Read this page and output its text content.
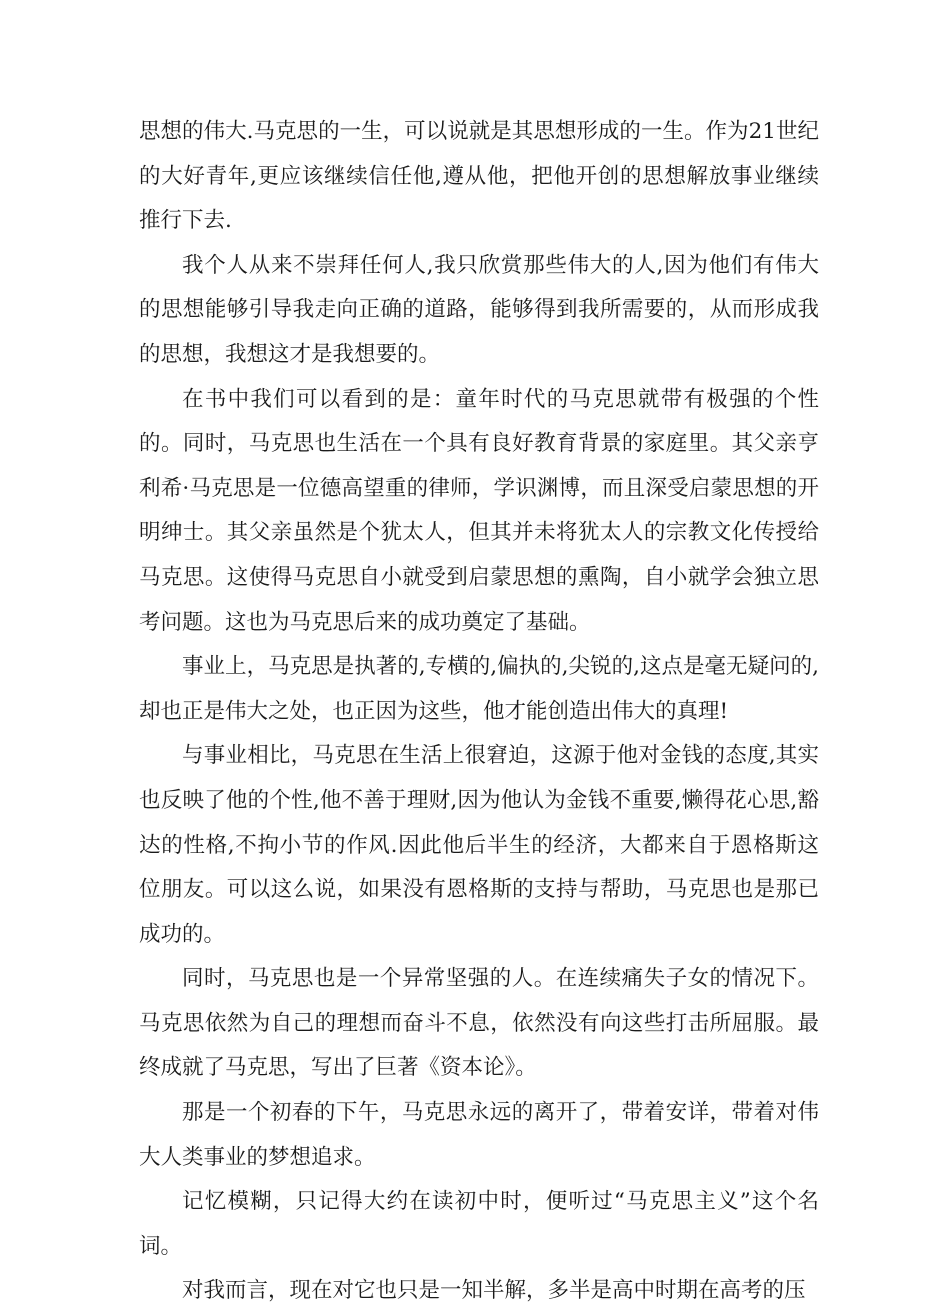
思想的伟大.马克思的一生，可以说就是其思想形成的一生。作为21世纪的大好青年,更应该继续信任他,遵从他，把他开创的思想解放事业继续推行下去.

我个人从来不崇拜任何人,我只欣赏那些伟大的人,因为他们有伟大的思想能够引导我走向正确的道路，能够得到我所需要的，从而形成我的思想，我想这才是我想要的。

在书中我们可以看到的是：童年时代的马克思就带有极强的个性的。同时，马克思也生活在一个具有良好教育背景的家庭里。其父亲亨利希·马克思是一位德高望重的律师，学识渊博，而且深受启蒙思想的开明绅士。其父亲虽然是个犹太人，但其并未将犹太人的宗教文化传授给马克思。这使得马克思自小就受到启蒙思想的熏陶，自小就学会独立思考问题。这也为马克思后来的成功奠定了基础。

事业上，马克思是执著的,专横的,偏执的,尖锐的,这点是毫无疑问的,却也正是伟大之处，也正因为这些，他才能创造出伟大的真理!

与事业相比，马克思在生活上很窘迫，这源于他对金钱的态度,其实也反映了他的个性,他不善于理财,因为他认为金钱不重要,懒得花心思,豁达的性格,不拘小节的作风.因此他后半生的经济，大都来自于恩格斯这位朋友。可以这么说，如果没有恩格斯的支持与帮助，马克思也是那已成功的。

同时，马克思也是一个异常坚强的人。在连续痛失子女的情况下。马克思依然为自己的理想而奋斗不息，依然没有向这些打击所屈服。最终成就了马克思，写出了巨著《资本论》。

那是一个初春的下午，马克思永远的离开了，带着安详，带着对伟大人类事业的梦想追求。

记忆模糊，只记得大约在读初中时，便听过“马克思主义”这个名词。

对我而言，现在对它也只是一知半解，多半是高中时期在高考的压
